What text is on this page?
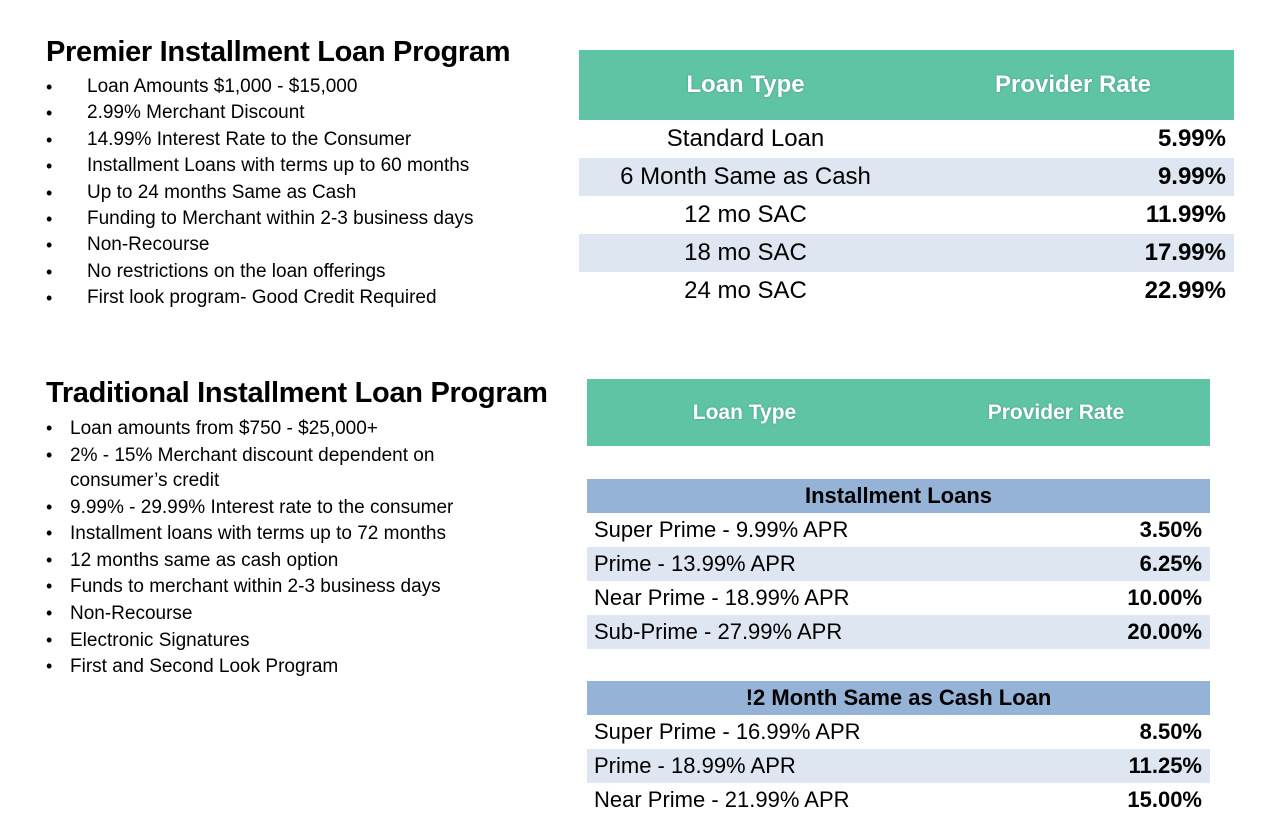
Premier Installment Loan Program
• Loan Amounts $1,000 - $15,000
• 2.99% Merchant Discount
• 14.99% Interest Rate to the Consumer
• Installment Loans with terms up to 60 months
• Up to 24 months Same as Cash
• Funding to Merchant within 2-3 business days
• Non-Recourse
• No restrictions on the loan offerings
• First look program- Good Credit Required
Loan Type	Provider Rate
Standard Loan	5.99%
6 Month Same as Cash	9.99%
12 mo SAC	11.99%
18 mo SAC	17.99%
24 mo SAC	22.99%
Traditional Installment Loan Program
• Loan amounts from $750 - $25,000+
• 2% - 15% Merchant discount dependent on
consumer’s credit
• 9.99% - 29.99% Interest rate to the consumer
• Installment loans with terms up to 72 months
• 12 months same as cash option
• Funds to merchant within 2-3 business days
• Non-Recourse
• Electronic Signatures
• First and Second Look Program
Loan Type	Provider Rate
Installment Loans	
Super Prime - 9.99% APR	3.50%
Prime - 13.99% APR	6.25%
Near Prime - 18.99% APR	10.00%
Sub-Prime - 27.99% APR	20.00%
!2 Month Same as Cash Loan	
Super Prime - 16.99% APR	8.50%
Prime - 18.99% APR	11.25%
Near Prime - 21.99% APR	15.00%
